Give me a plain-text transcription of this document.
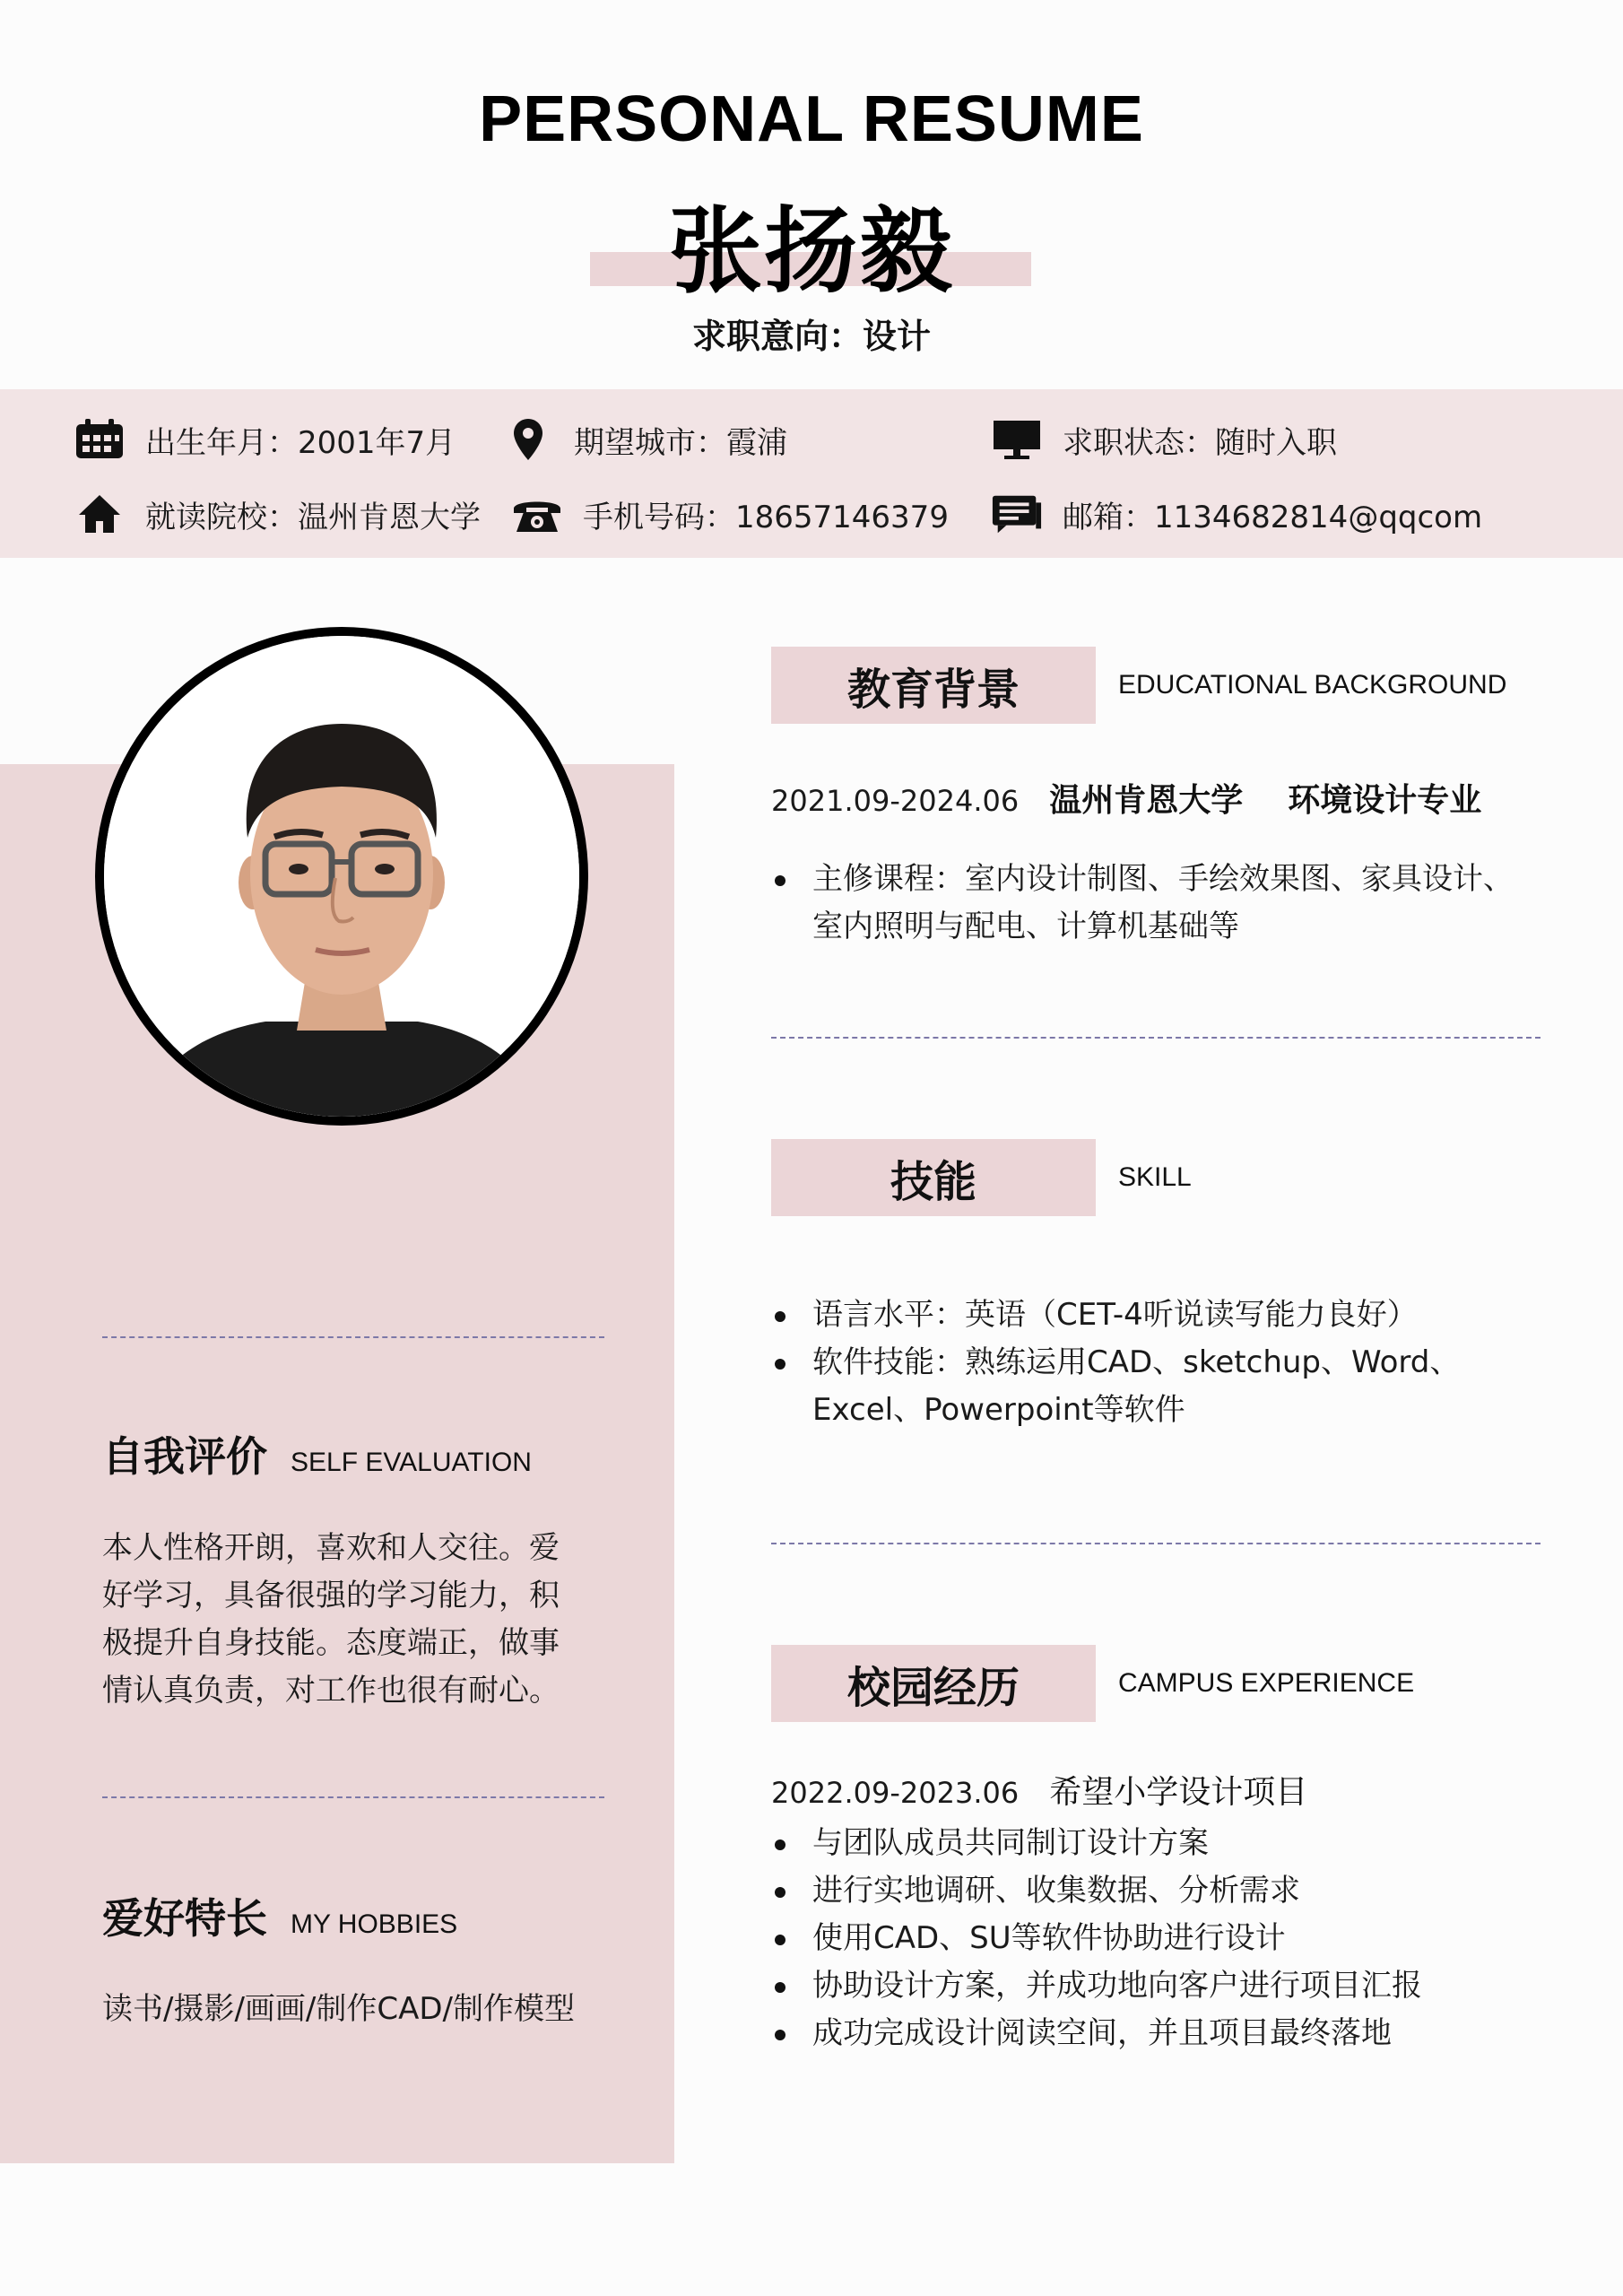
PERSONAL RESUME
张扬毅
求职意向：设计
出生年月：2001年7月	期望城市：霞浦	求职状态：随时入职
就读院校：温州肯恩大学	手机号码：18657146379	邮箱：1134682814@qqcom
自我评价 SELF EVALUATION
本人性格开朗，喜欢和人交往。爱
好学习，具备很强的学习能力，积
极提升自身技能。态度端正，做事
情认真负责，对工作也很有耐心。
爱好特长 MY HOBBIES
读书/摄影/画画/制作CAD/制作模型
教育背景	EDUCATIONAL BACKGROUND
2021.09-2024.06 温州肯恩大学 环境设计专业
主修课程：室内设计制图、手绘效果图、家具设计、
室内照明与配电、计算机基础等
技能	SKILL
语言水平：英语（CET-4听说读写能力良好）
软件技能：熟练运用CAD、sketchup、Word、
Excel、Powerpoint等软件
校园经历	CAMPUS EXPERIENCE
2022.09-2023.06 希望小学设计项目
与团队成员共同制订设计方案
进行实地调研、收集数据、分析需求
使用CAD、SU等软件协助进行设计
协助设计方案，并成功地向客户进行项目汇报
成功完成设计阅读空间，并且项目最终落地
